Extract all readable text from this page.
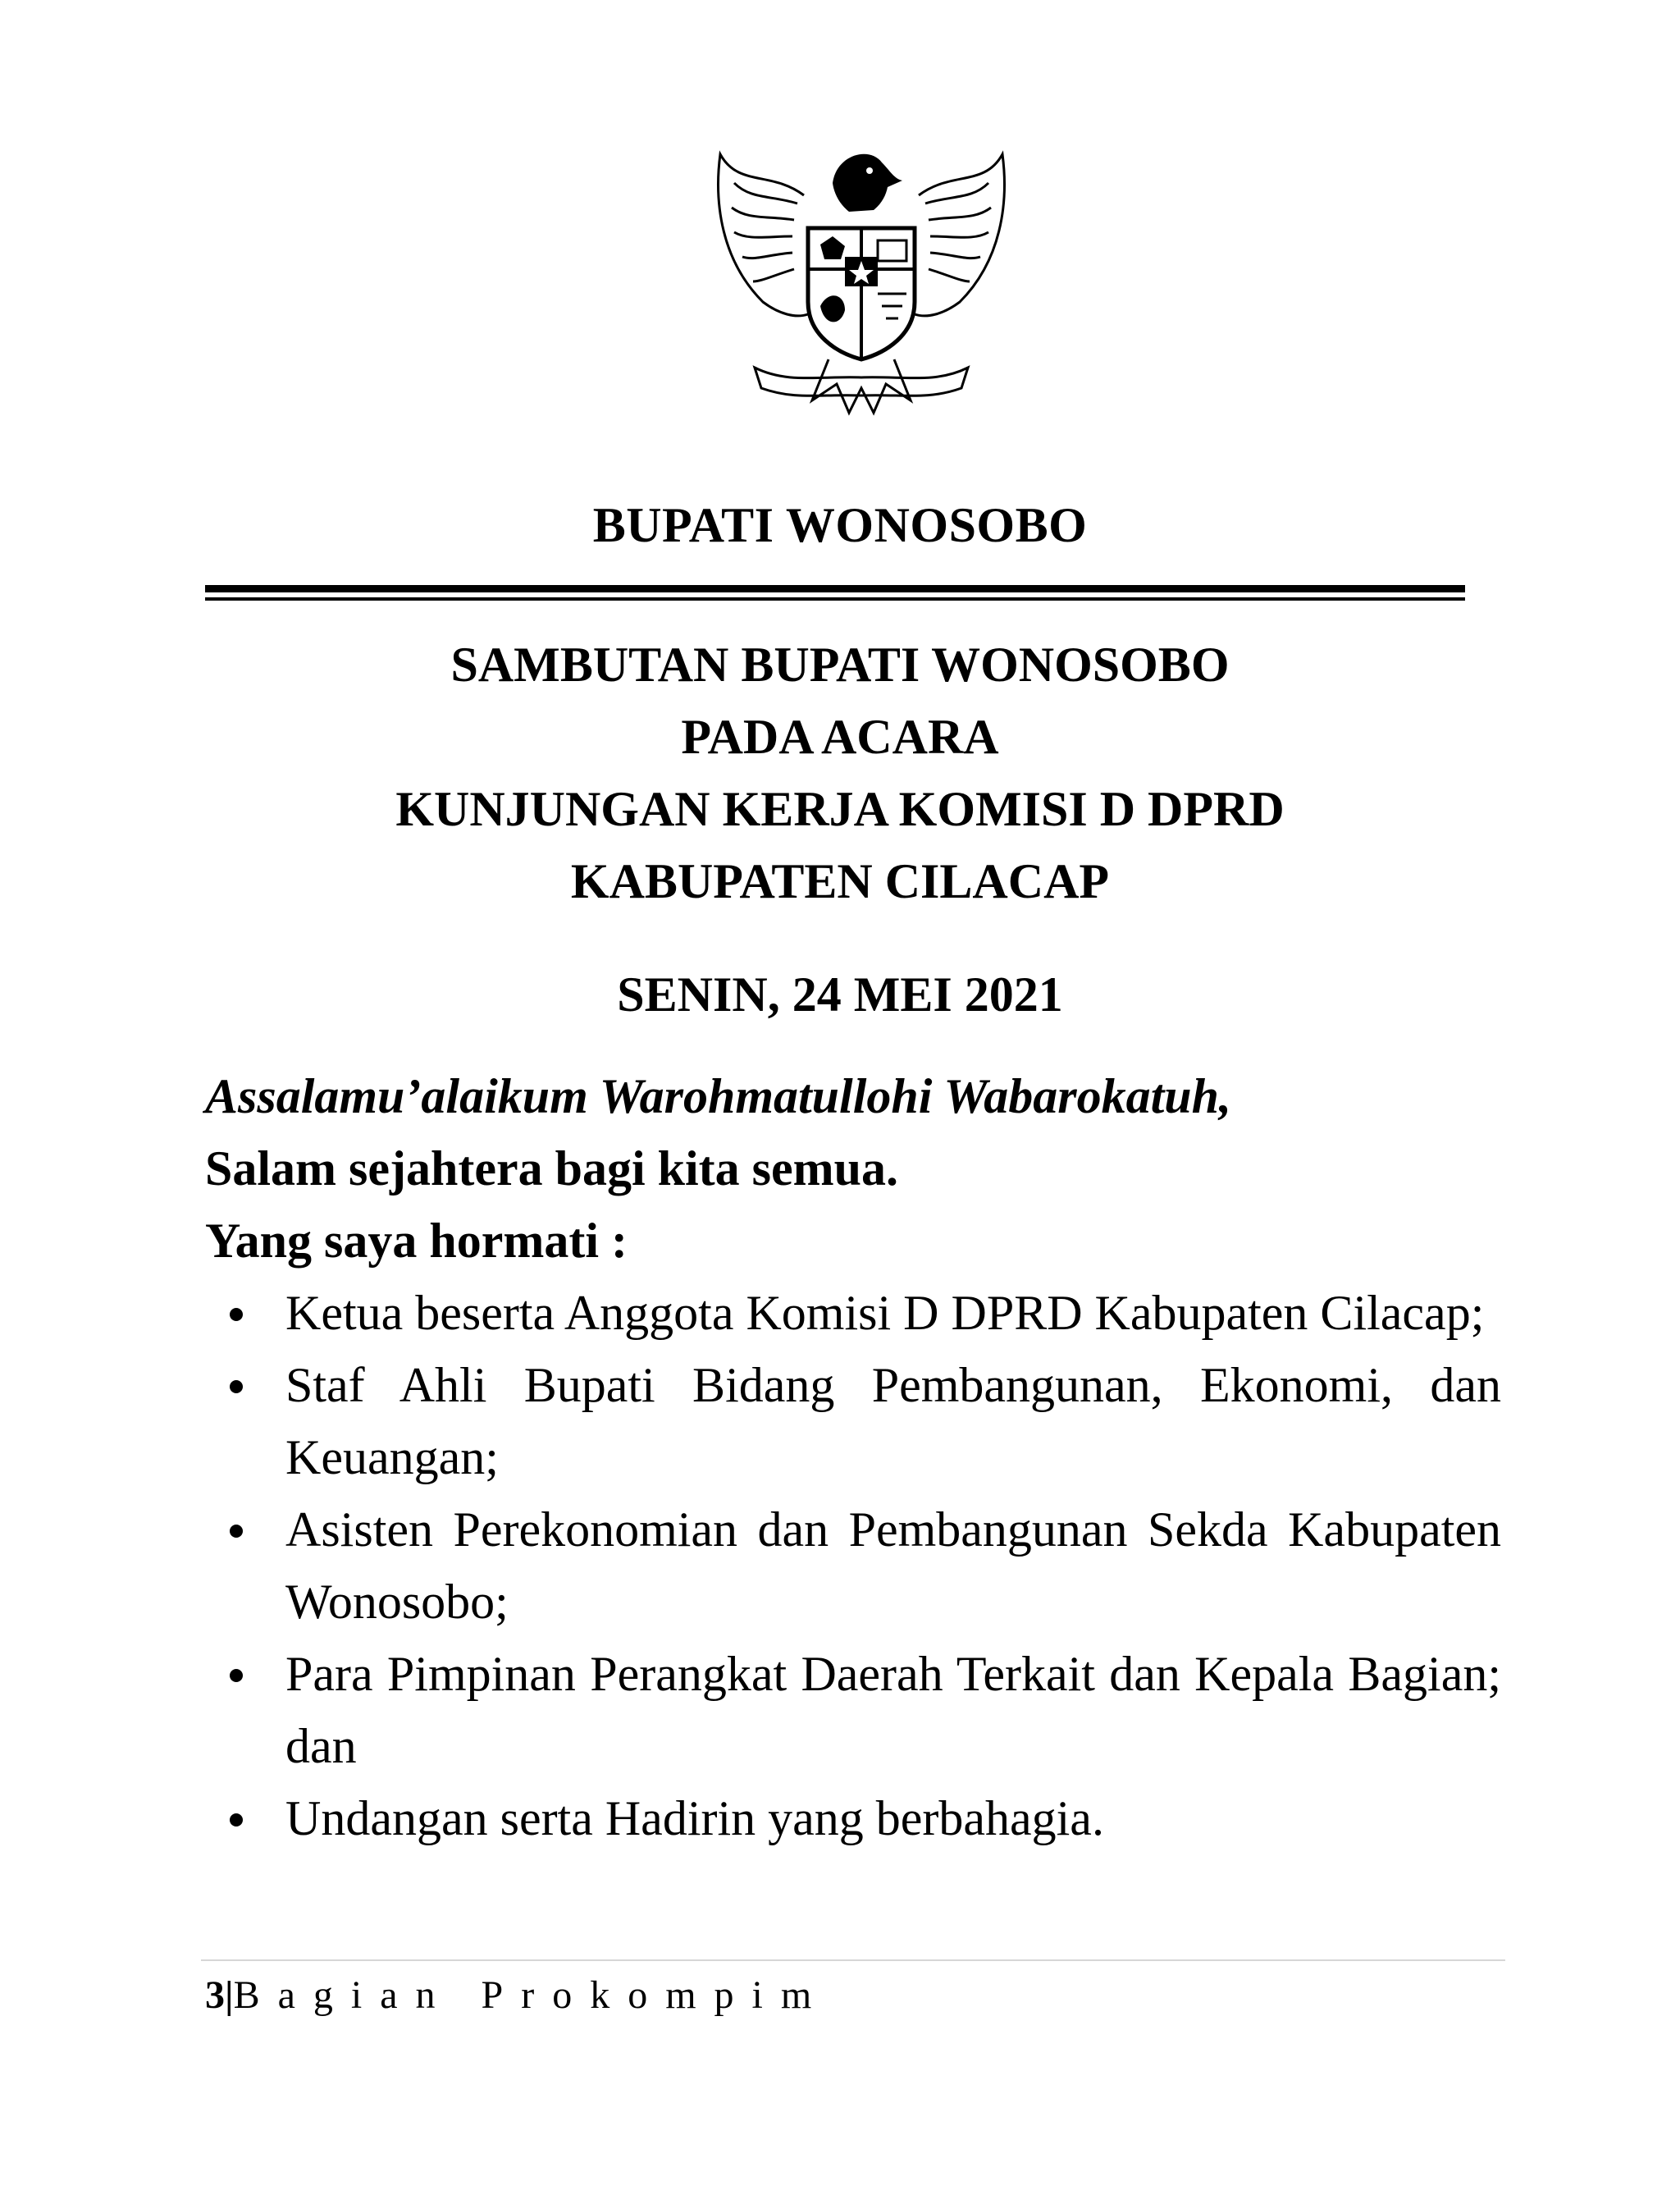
BUPATI WONOSOBO
SAMBUTAN BUPATI WONOSOBO
PADA ACARA
KUNJUNGAN KERJA KOMISI D DPRD
KABUPATEN CILACAP
SENIN, 24 MEI 2021
Assalamu’alaikum Warohmatullohi Wabarokatuh,
Salam sejahtera bagi kita semua.
Yang saya hormati :
Ketua beserta Anggota Komisi D DPRD Kabupaten Cilacap;
Staf Ahli Bupati Bidang Pembangunan, Ekonomi, dan Keuangan;
Asisten Perekonomian dan Pembangunan Sekda Kabupaten Wonosobo;
Para Pimpinan Perangkat Daerah Terkait dan Kepala Bagian; dan
Undangan serta Hadirin yang berbahagia.
3|Bagian Prokompim
